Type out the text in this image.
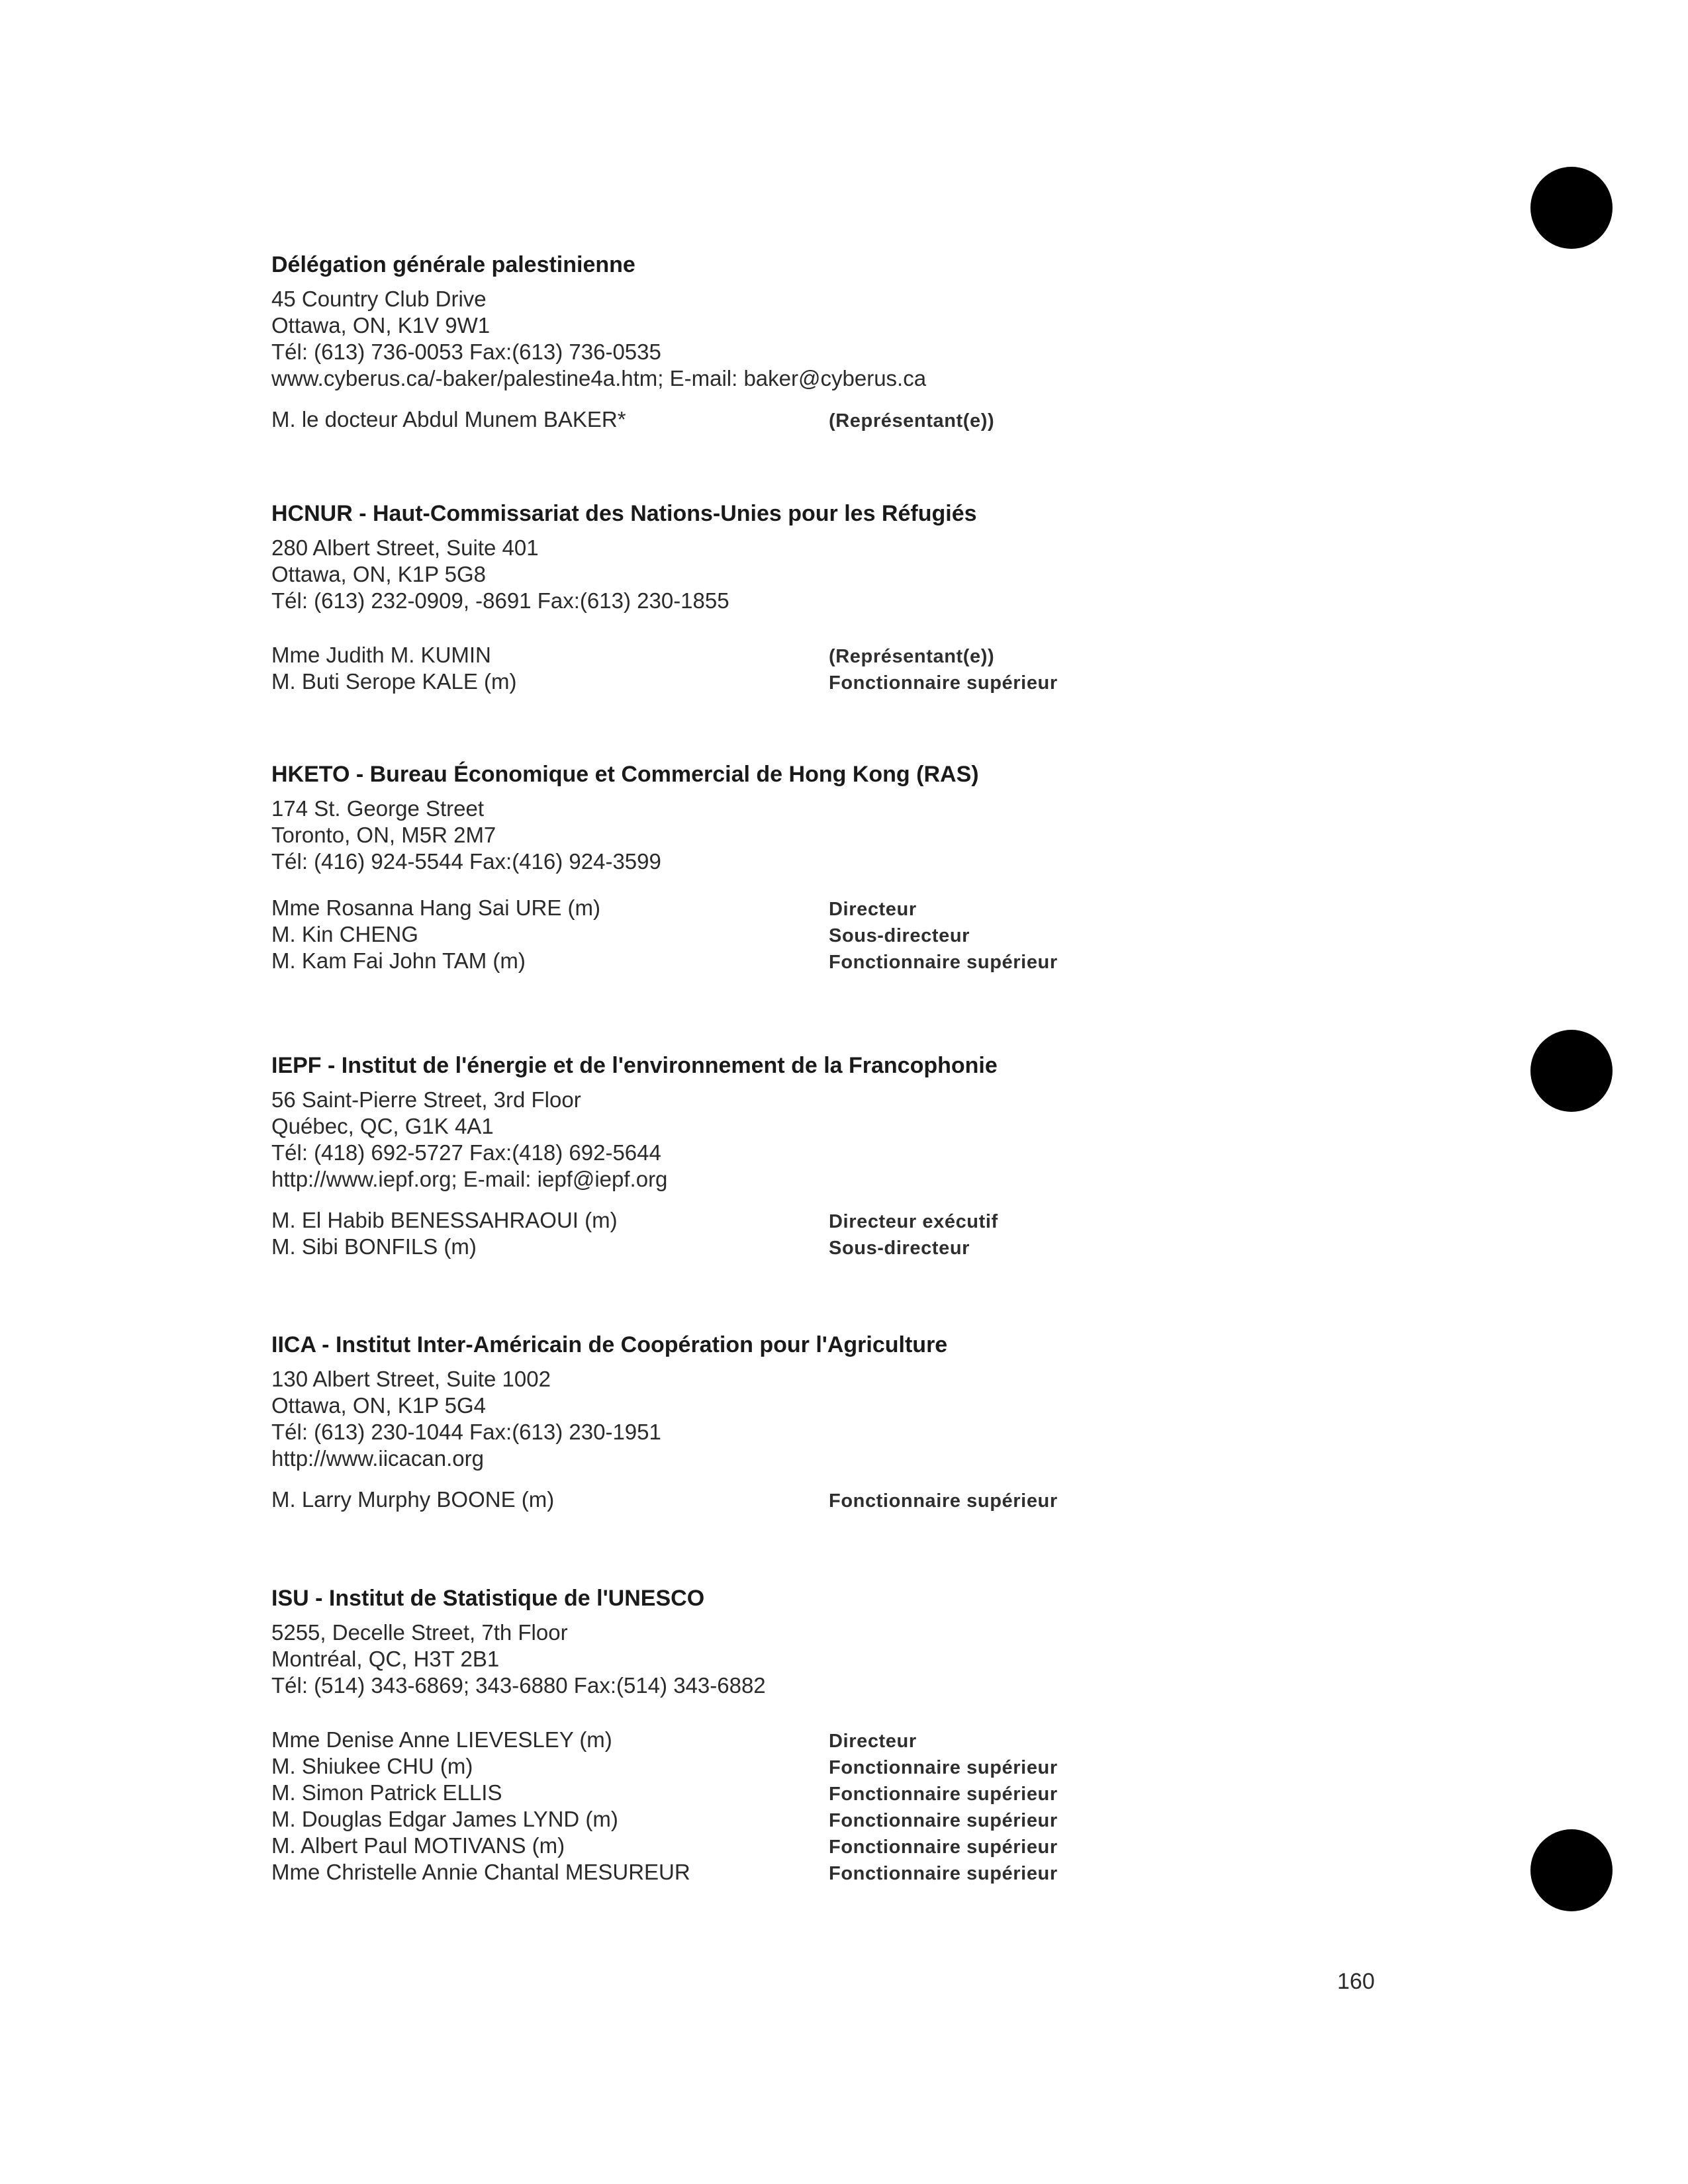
Délégation générale palestinienne
45 Country Club Drive
Ottawa, ON, K1V 9W1
Tél: (613) 736-0053 Fax:(613) 736-0535
www.cyberus.ca/-baker/palestine4a.htm; E-mail: baker@cyberus.ca
M. le docteur Abdul Munem BAKER*	(Représentant(e))
HCNUR - Haut-Commissariat des Nations-Unies pour les Réfugiés
280 Albert Street, Suite 401
Ottawa, ON, K1P 5G8
Tél: (613) 232-0909, -8691 Fax:(613) 230-1855
Mme Judith M. KUMIN	(Représentant(e))
M. Buti Serope KALE (m)	Fonctionnaire supérieur
HKETO - Bureau Économique et Commercial de Hong Kong (RAS)
174 St. George Street
Toronto, ON, M5R 2M7
Tél: (416) 924-5544 Fax:(416) 924-3599
Mme Rosanna Hang Sai URE (m)	Directeur
M. Kin CHENG	Sous-directeur
M. Kam Fai John TAM (m)	Fonctionnaire supérieur
IEPF - Institut de l'énergie et de l'environnement de la Francophonie
56 Saint-Pierre Street, 3rd Floor
Québec, QC, G1K 4A1
Tél: (418) 692-5727 Fax:(418) 692-5644
http://www.iepf.org; E-mail: iepf@iepf.org
M. El Habib BENESSAHRAOUI (m)	Directeur exécutif
M. Sibi BONFILS (m)	Sous-directeur
IICA - Institut Inter-Américain de Coopération pour l'Agriculture
130 Albert Street, Suite 1002
Ottawa, ON, K1P 5G4
Tél: (613) 230-1044 Fax:(613) 230-1951
http://www.iicacan.org
M. Larry Murphy BOONE (m)	Fonctionnaire supérieur
ISU - Institut de Statistique de l'UNESCO
5255, Decelle Street, 7th Floor
Montréal, QC, H3T 2B1
Tél: (514) 343-6869; 343-6880 Fax:(514) 343-6882
Mme Denise Anne LIEVESLEY (m)	Directeur
M. Shiukee CHU (m)	Fonctionnaire supérieur
M. Simon Patrick ELLIS	Fonctionnaire supérieur
M. Douglas Edgar James LYND (m)	Fonctionnaire supérieur
M. Albert Paul MOTIVANS (m)	Fonctionnaire supérieur
Mme Christelle Annie Chantal MESUREUR	Fonctionnaire supérieur
160
